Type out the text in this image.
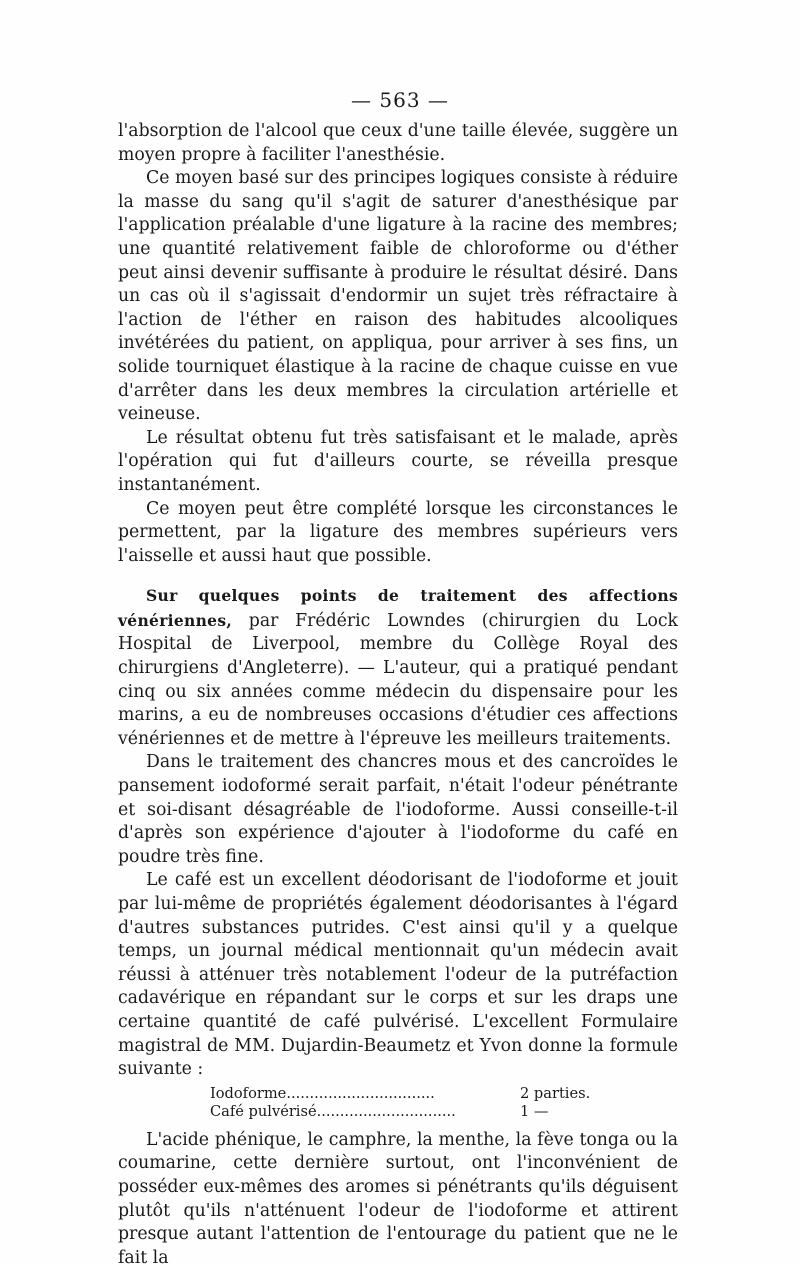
— 563 —

l'absorption de l'alcool que ceux d'une taille élevée, suggère un moyen propre à faciliter l'anesthésie.

Ce moyen basé sur des principes logiques consiste à réduire la masse du sang qu'il s'agit de saturer d'anesthésique par l'application préalable d'une ligature à la racine des membres; une quantité relativement faible de chloroforme ou d'éther peut ainsi devenir suffisante à produire le résultat désiré. Dans un cas où il s'agissait d'endormir un sujet très réfractaire à l'action de l'éther en raison des habitudes alcooliques invétérées du patient, on appliqua, pour arriver à ses fins, un solide tourniquet élastique à la racine de chaque cuisse en vue d'arrêter dans les deux membres la circulation artérielle et veineuse.

Le résultat obtenu fut très satisfaisant et le malade, après l'opération qui fut d'ailleurs courte, se réveilla presque instantanément.

Ce moyen peut être complété lorsque les circonstances le permettent, par la ligature des membres supérieurs vers l'aisselle et aussi haut que possible.

Sur quelques points de traitement des affections vénériennes, par Frédéric Lowndes (chirurgien du Lock Hospital de Liverpool, membre du Collège Royal des chirurgiens d'Angleterre). — L'auteur, qui a pratiqué pendant cinq ou six années comme médecin du dispensaire pour les marins, a eu de nombreuses occasions d'étudier ces affections vénériennes et de mettre à l'épreuve les meilleurs traitements.

Dans le traitement des chancres mous et des cancroïdes le pansement iodoformé serait parfait, n'était l'odeur pénétrante et soi-disant désagréable de l'iodoforme. Aussi conseille-t-il d'après son expérience d'ajouter à l'iodoforme du café en poudre très fine.

Le café est un excellent déodorisant de l'iodoforme et jouit par lui-même de propriétés également déodorisantes à l'égard d'autres substances putrides. C'est ainsi qu'il y a quelque temps, un journal médical mentionnait qu'un médecin avait réussi à atténuer très notablement l'odeur de la putréfaction cadavérique en répandant sur le corps et sur les draps une certaine quantité de café pulvérisé. L'excellent Formulaire magistral de MM. Dujardin-Beaumetz et Yvon donne la formule suivante :

Iodoforme................................	2 parties.
Café pulvérisé..............................	1 —

L'acide phénique, le camphre, la menthe, la fève tonga ou la coumarine, cette dernière surtout, ont l'inconvénient de posséder eux-mêmes des aromes si pénétrants qu'ils déguisent plutôt qu'ils n'atténuent l'odeur de l'iodoforme et attirent presque autant l'attention de l'entourage du patient que ne le fait la
